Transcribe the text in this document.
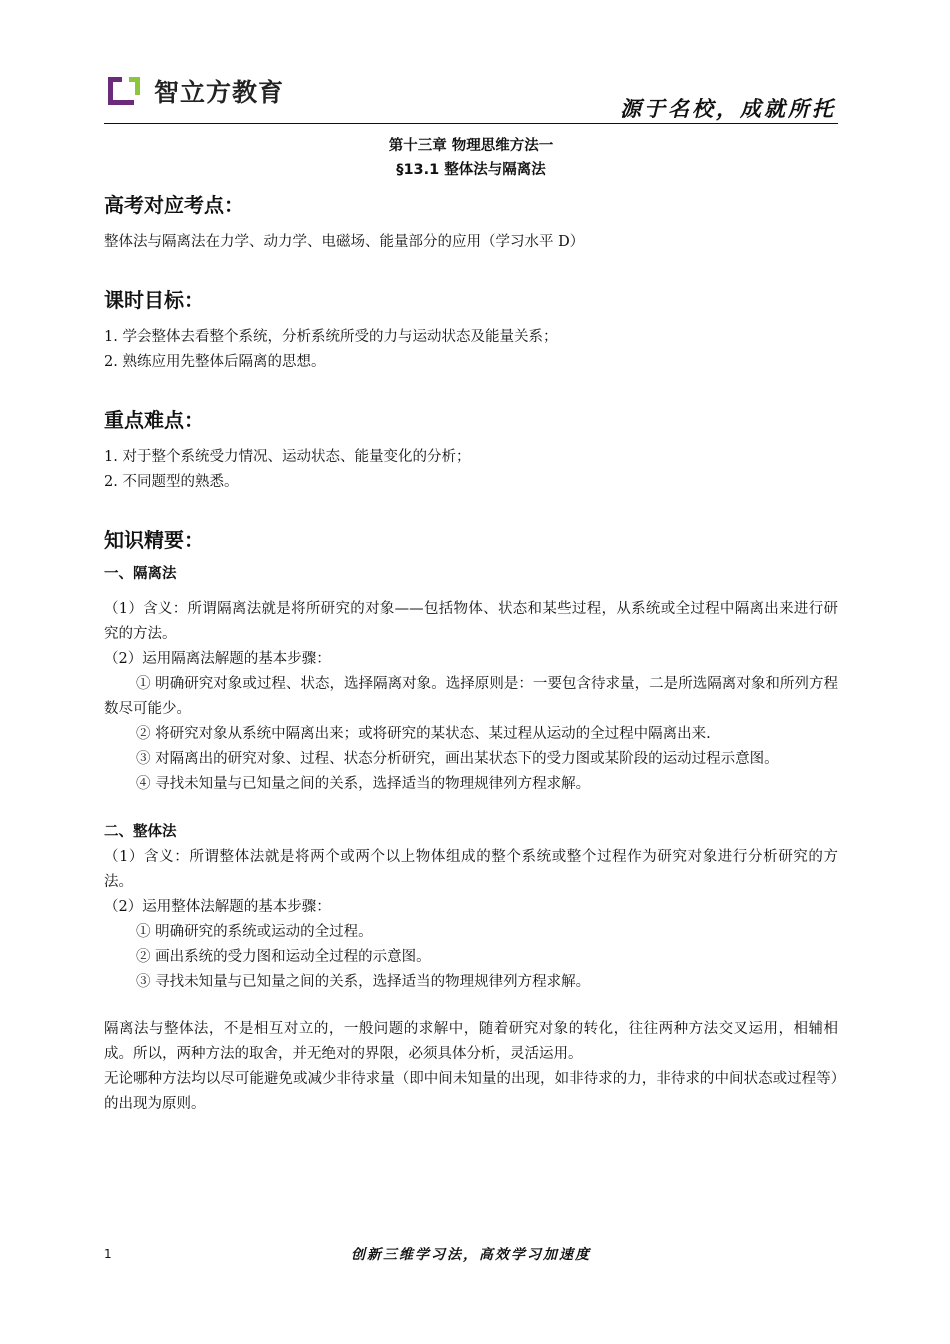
智立方教育
源于名校，成就所托
第十三章 物理思维方法一
§13.1 整体法与隔离法
高考对应考点：

整体法与隔离法在力学、动力学、电磁场、能量部分的应用（学习水平 D）

课时目标：

1. 学会整体去看整个系统，分析系统所受的力与运动状态及能量关系；

2. 熟练应用先整体后隔离的思想。

重点难点：

1. 对于整个系统受力情况、运动状态、能量变化的分析；

2. 不同题型的熟悉。

知识精要：
一、隔离法

（1）含义：所谓隔离法就是将所研究的对象——包括物体、状态和某些过程，从系统或全过程中隔离出来进行研究的方法。

（2）运用隔离法解题的基本步骤：

① 明确研究对象或过程、状态，选择隔离对象。选择原则是：一要包含待求量，二是所选隔离对象和所列方程数尽可能少。

② 将研究对象从系统中隔离出来；或将研究的某状态、某过程从运动的全过程中隔离出来.

③ 对隔离出的研究对象、过程、状态分析研究，画出某状态下的受力图或某阶段的运动过程示意图。

④ 寻找未知量与已知量之间的关系，选择适当的物理规律列方程求解。

二、整体法

（1）含义：所谓整体法就是将两个或两个以上物体组成的整个系统或整个过程作为研究对象进行分析研究的方法。

（2）运用整体法解题的基本步骤：

① 明确研究的系统或运动的全过程。

② 画出系统的受力图和运动全过程的示意图。

③ 寻找未知量与已知量之间的关系，选择适当的物理规律列方程求解。

隔离法与整体法，不是相互对立的，一般问题的求解中，随着研究对象的转化，往往两种方法交叉运用，相辅相成。所以，两种方法的取舍，并无绝对的界限，必须具体分析，灵活运用。

无论哪种方法均以尽可能避免或减少非待求量（即中间未知量的出现，如非待求的力，非待求的中间状态或过程等）的出现为原则。

1	创新三维学习法，高效学习加速度
